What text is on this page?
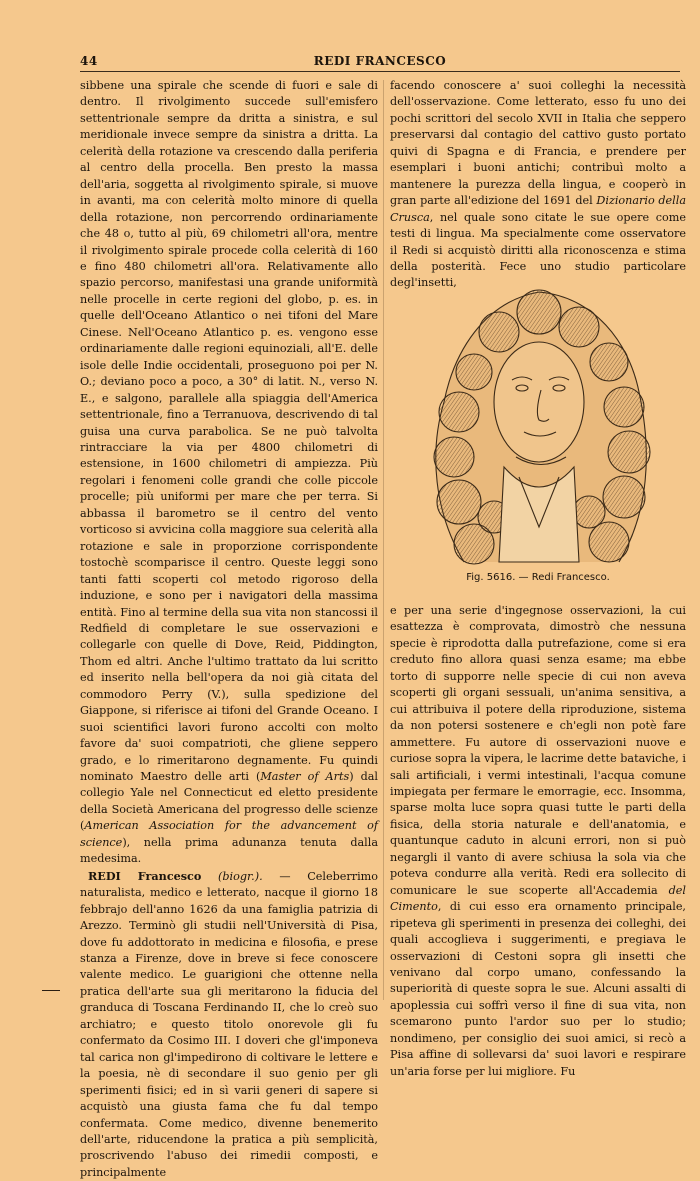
44	REDI FRANCESCO

sibbene una spirale che scende di fuori e sale di dentro. Il rivolgimento succede sull'emisfero settentrionale sempre da dritta a sinistra, e sul meridionale invece sempre da sinistra a dritta. La celerità della rotazione va crescendo dalla periferia al centro della procella. Ben presto la massa dell'aria, soggetta al rivolgimento spirale, si muove in avanti, ma con celerità molto minore di quella della rotazione, non percorrendo ordinariamente che 48 o, tutto al più, 69 chilometri all'ora, mentre il rivolgimento spirale procede colla celerità di 160 e fino 480 chilometri all'ora. Relativamente allo spazio percorso, manifestasi una grande uniformità nelle procelle in certe regioni del globo, p. es. in quelle dell'Oceano Atlantico o nei tifoni del Mare Cinese. Nell'Oceano Atlantico p. es. vengono esse ordinariamente dalle regioni equinoziali, all'E. delle isole delle Indie occidentali, proseguono poi per N. O.; deviano poco a poco, a 30° di latit. N., verso N. E., e salgono, parallele alla spiaggia dell'America settentrionale, fino a Terranuova, descrivendo di tal guisa una curva parabolica. Se ne può talvolta rintracciare la via per 4800 chilometri di estensione, in 1600 chilometri di ampiezza. Più regolari i fenomeni colle grandi che colle piccole procelle; più uniformi per mare che per terra. Si abbassa il barometro se il centro del vento vorticoso si avvicina colla maggiore sua celerità alla rotazione e sale in proporzione corrispondente tostochè scomparisce il centro. Queste leggi sono tanti fatti scoperti col metodo rigoroso della induzione, e sono per i navigatori della massima entità. Fino al termine della sua vita non stancossi il Redfield di completare le sue osservazioni e collegarle con quelle di Dove, Reid, Piddington, Thom ed altri. Anche l'ultimo trattato da lui scritto ed inserito nella bell'opera da noi già citata del commodoro Perry (V.), sulla spedizione del Giappone, si riferisce ai tifoni del Grande Oceano. I suoi scientifici lavori furono accolti con molto favore da' suoi compatrioti, che gliene seppero grado, e lo rimeritarono degnamente. Fu quindi nominato Maestro delle arti (Master of Arts) dal collegio Yale nel Connecticut ed eletto presidente della Società Americana del progresso delle scienze (American Association for the advancement of science), nella prima adunanza tenuta dalla medesima.

REDI Francesco (biogr.). — Celeberrimo naturalista, medico e letterato, nacque il giorno 18 febbrajo dell'anno 1626 da una famiglia patrizia di Arezzo. Terminò gli studii nell'Università di Pisa, dove fu addottorato in medicina e filosofia, e prese stanza a Firenze, dove in breve si fece conoscere valente medico. Le guarigioni che ottenne nella pratica dell'arte sua gli meritarono la fiducia del granduca di Toscana Ferdinando II, che lo creò suo archiatro; e questo titolo onorevole gli fu confermato da Cosimo III. I doveri che gl'imponeva tal carica non gl'impedirono di coltivare le lettere e la poesia, nè di secondare il suo genio per gli sperimenti fisici; ed in sì varii generi di sapere si acquistò una giusta fama che fu dal tempo confermata. Come medico, divenne benemerito dell'arte, riducendone la pratica a più semplicità, proscrivendo l'abuso dei rimedii composti, e principalmente

facendo conoscere a' suoi colleghi la necessità dell'osservazione. Come letterato, esso fu uno dei pochi scrittori del secolo XVII in Italia che seppero preservarsi dal contagio del cattivo gusto portato quivi di Spagna e di Francia, e prendere per esemplari i buoni antichi; contribuì molto a mantenere la purezza della lingua, e cooperò in gran parte all'edizione del 1691 del Dizionario della Crusca, nel quale sono citate le sue opere come testi di lingua. Ma specialmente come osservatore il Redi si acquistò diritti alla riconoscenza e stima della posterità. Fece uno studio particolare degl'insetti,

Fig. 5616. — Redi Francesco.

e per una serie d'ingegnose osservazioni, la cui esattezza è comprovata, dimostrò che nessuna specie è riprodotta dalla putrefazione, come si era creduto fino allora quasi senza esame; ma ebbe torto di supporre nelle specie di cui non aveva scoperti gli organi sessuali, un'anima sensitiva, a cui attribuiva il potere della riproduzione, sistema da non potersi sostenere e ch'egli non potè fare ammettere. Fu autore di osservazioni nuove e curiose sopra la vipera, le lacrime dette bataviche, i sali artificiali, i vermi intestinali, l'acqua comune impiegata per fermare le emorragie, ecc. Insomma, sparse molta luce sopra quasi tutte le parti della fisica, della storia naturale e dell'anatomia, e quantunque caduto in alcuni errori, non si può negargli il vanto di avere schiusa la sola via che poteva condurre alla verità. Redi era sollecito di comunicare le sue scoperte all'Accademia del Cimento, di cui esso era ornamento principale, ripeteva gli sperimenti in presenza dei colleghi, dei quali accoglieva i suggerimenti, e pregiava le osservazioni di Cestoni sopra gli insetti che venivano dal corpo umano, confessando la superiorità di queste sopra le sue. Alcuni assalti di apoplessia cui soffrì verso il fine di sua vita, non scemarono punto l'ardor suo per lo studio; nondimeno, per consiglio dei suoi amici, si recò a Pisa affine di sollevarsi da' suoi lavori e respirare un'aria forse per lui migliore. Fu
